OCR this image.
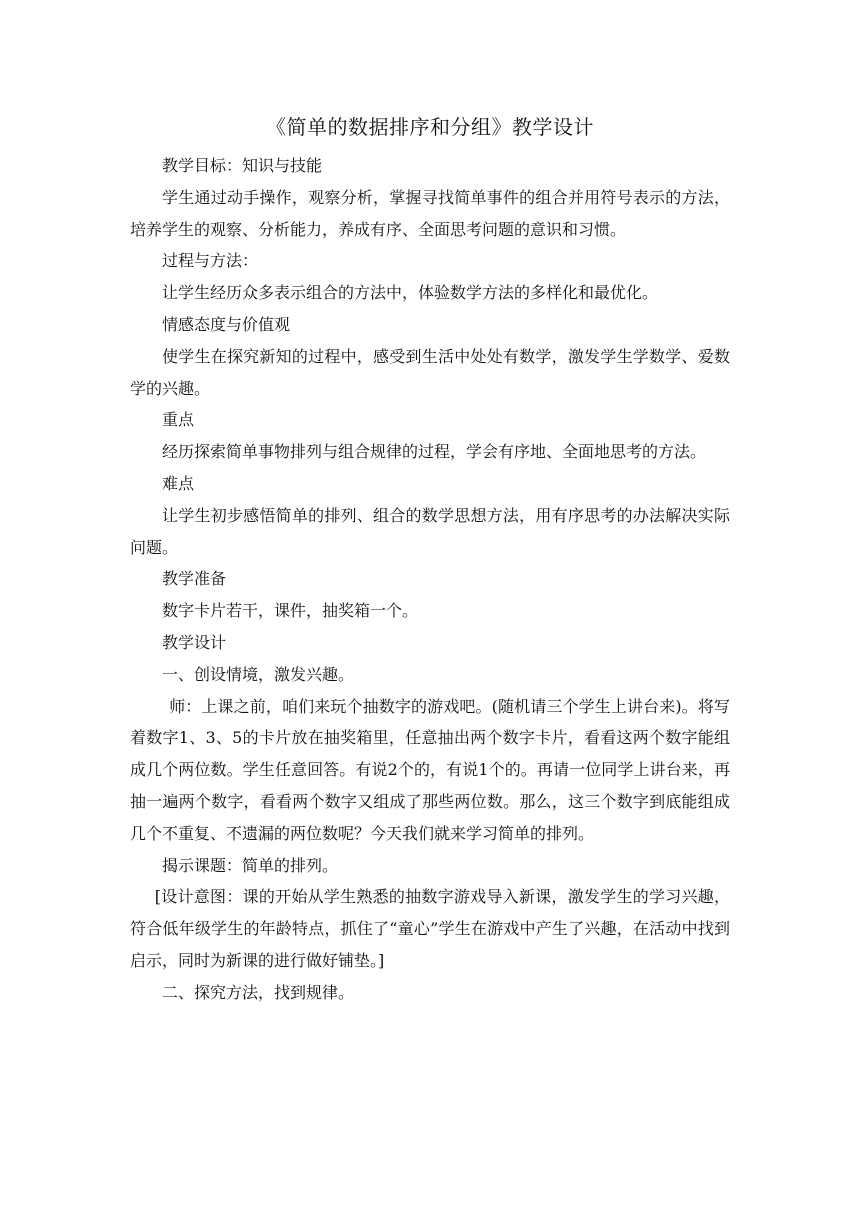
《简单的数据排序和分组》教学设计

教学目标：知识与技能

学生通过动手操作，观察分析，掌握寻找简单事件的组合并用符号表示的方法，培养学生的观察、分析能力，养成有序、全面思考问题的意识和习惯。

过程与方法：

让学生经历众多表示组合的方法中，体验数学方法的多样化和最优化。

情感态度与价值观

使学生在探究新知的过程中，感受到生活中处处有数学，激发学生学数学、爱数学的兴趣。

重点

经历探索简单事物排列与组合规律的过程，学会有序地、全面地思考的方法。

难点

让学生初步感悟简单的排列、组合的数学思想方法，用有序思考的办法解决实际问题。

教学准备

数字卡片若干，课件，抽奖箱一个。

教学设计

一、创设情境，激发兴趣。

师：上课之前，咱们来玩个抽数字的游戏吧。(随机请三个学生上讲台来)。将写着数字1、3、5的卡片放在抽奖箱里，任意抽出两个数字卡片，看看这两个数字能组成几个两位数。学生任意回答。有说2个的，有说1个的。再请一位同学上讲台来，再抽一遍两个数字，看看两个数字又组成了那些两位数。那么，这三个数字到底能组成几个不重复、不遗漏的两位数呢？今天我们就来学习简单的排列。

揭示课题：简单的排列。

[设计意图：课的开始从学生熟悉的抽数字游戏导入新课，激发学生的学习兴趣，符合低年级学生的年龄特点，抓住了“童心”学生在游戏中产生了兴趣，在活动中找到启示，同时为新课的进行做好铺垫。]

二、探究方法，找到规律。
